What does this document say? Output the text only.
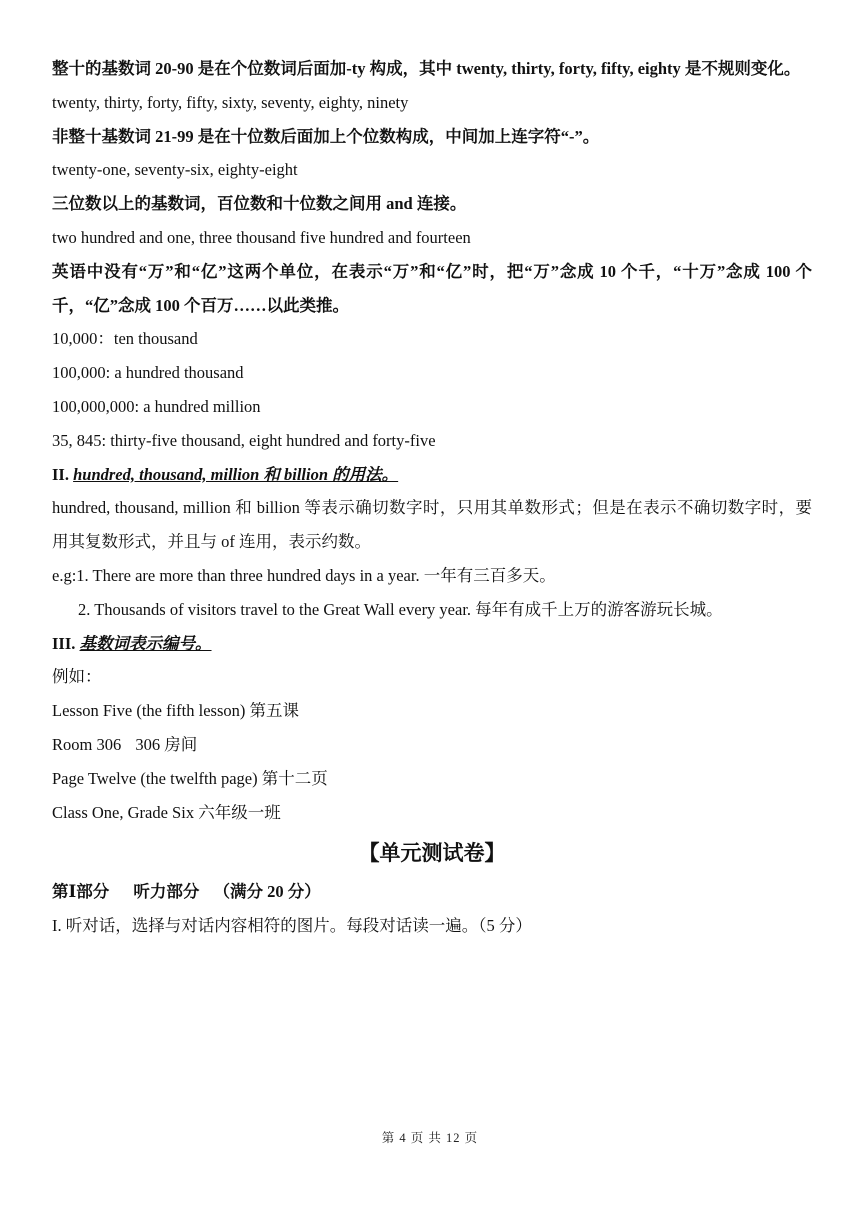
整十的基数词 20-90 是在个位数词后面加-ty 构成，其中 twenty, thirty, forty, fifty, eighty 是不规则变化。
twenty, thirty, forty, fifty, sixty, seventy, eighty, ninety
非整十基数词 21-99 是在十位数后面加上个位数构成，中间加上连字符“-”。
twenty-one, seventy-six, eighty-eight
三位数以上的基数词，百位数和十位数之间用 and 连接。
two hundred and one, three thousand five hundred and fourteen
英语中没有“万”和“亿”这两个单位，在表示“万”和“亿”时，把“万”念成 10 个千，“十万”念成 100 个千，“亿”念成 100 个百万……以此类推。
10,000：ten thousand
100,000: a hundred thousand
100,000,000: a hundred million
35, 845: thirty-five thousand, eight hundred and forty-five
II. hundred, thousand, million 和 billion 的用法。
hundred, thousand, million 和 billion 等表示确切数字时，只用其单数形式；但是在表示不确切数字时，要用其复数形式，并且与 of 连用，表示约数。
e.g:1. There are more than three hundred days in a year. 一年有三百多天。
2. Thousands of visitors travel to the Great Wall every year. 每年有成千上万的游客游玩长城。
III. 基数词表示编号。
例如：
Lesson Five (the fifth lesson) 第五课
Room 306 306 房间
Page Twelve (the twelfth page) 第十二页
Class One, Grade Six 六年级一班
【单元测试卷】
第Ⅰ部分 听力部分 （满分 20 分）
I. 听对话，选择与对话内容相符的图片。每段对话读一遍。（5 分）
第 4 页 共 12 页
